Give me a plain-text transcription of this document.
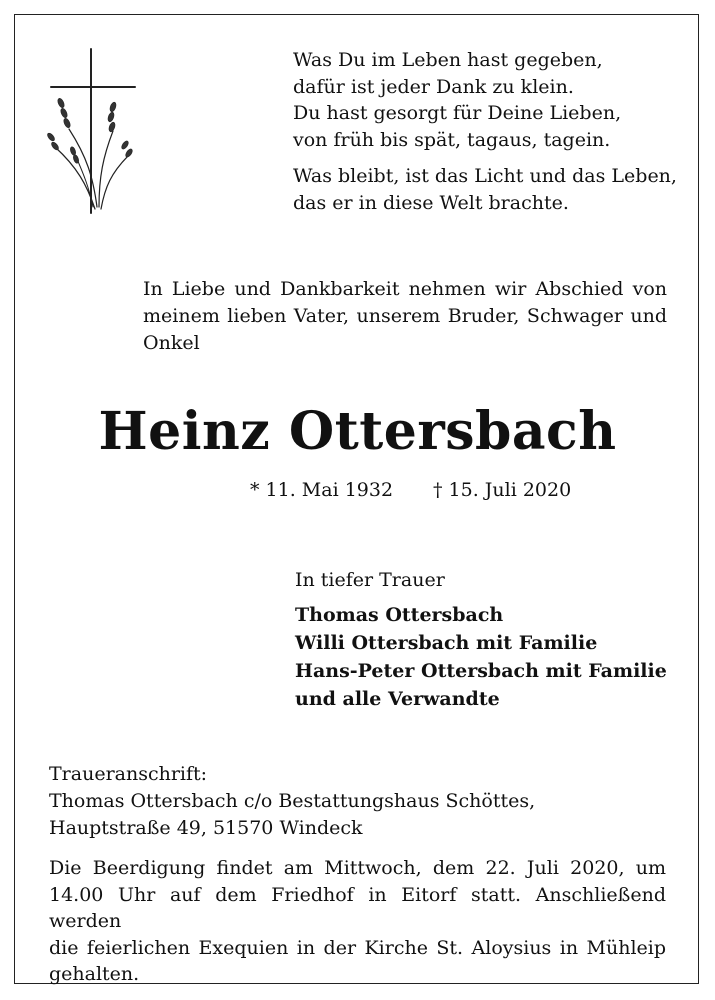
Was Du im Leben hast gegeben,
dafür ist jeder Dank zu klein.
Du hast gesorgt für Deine Lieben,
von früh bis spät, tagaus, tagein.
Was bleibt, ist das Licht und das Leben,
das er in diese Welt brachte.
In Liebe und Dankbarkeit nehmen wir Abschied von
meinem lieben Vater, unserem Bruder, Schwager und
Onkel
Heinz Ottersbach
* 11. Mai 1932 † 15. Juli 2020
In tiefer Trauer
Thomas Ottersbach
Willi Ottersbach mit Familie
Hans-Peter Ottersbach mit Familie
und alle Verwandte
Traueranschrift:
Thomas Ottersbach c/o Bestattungshaus Schöttes,
Hauptstraße 49, 51570 Windeck
Die Beerdigung findet am Mittwoch, dem 22. Juli 2020, um
14.00 Uhr auf dem Friedhof in Eitorf statt. Anschließend werden
die feierlichen Exequien in der Kirche St. Aloysius in Mühleip
gehalten.
